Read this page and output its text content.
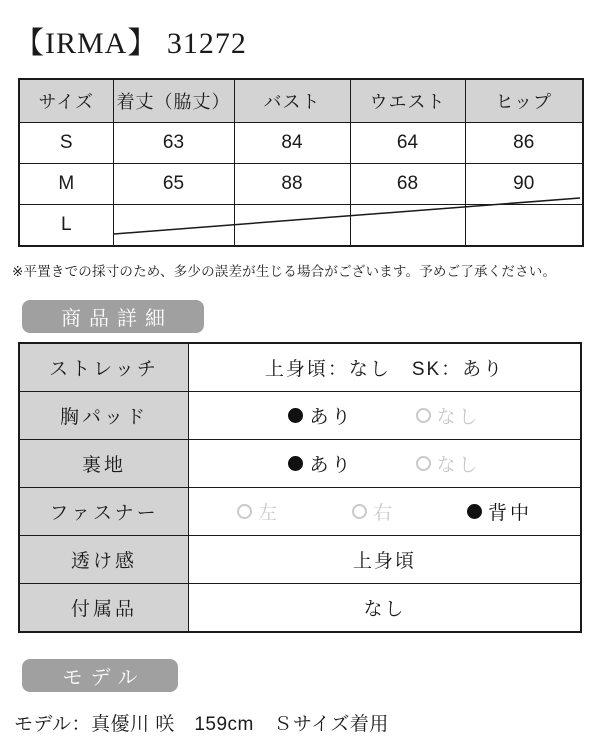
【IRMA】 31272
サイズ	着丈（脇丈）	バスト	ウエスト	ヒップ
S	63	84	64	86
M	65	88	68	90
L				
※平置きでの採寸のため、多少の誤差が生じる場合がございます。予めご了承ください。
商品詳細
ストレッチ	上身頃：なし　SK：あり
胸パッド	あり なし

裏地	あり なし

ファスナー	左 右 背中

透け感	上身頃
付属品	なし
モデル
モデル：真優川 咲　159cm　Ｓサイズ着用
